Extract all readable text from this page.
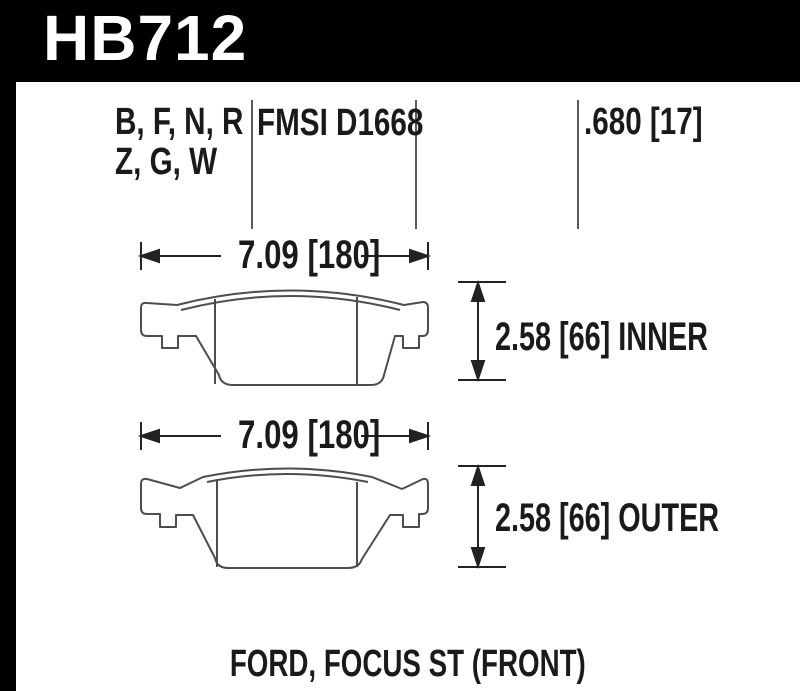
HB712
B, F, N, R
Z, G, W
FMSI D1668	.680 [17]
7.09 [180]
2.58 [66] INNER
7.09 [180]
2.58 [66] OUTER
FORD, FOCUS ST (FRONT)
